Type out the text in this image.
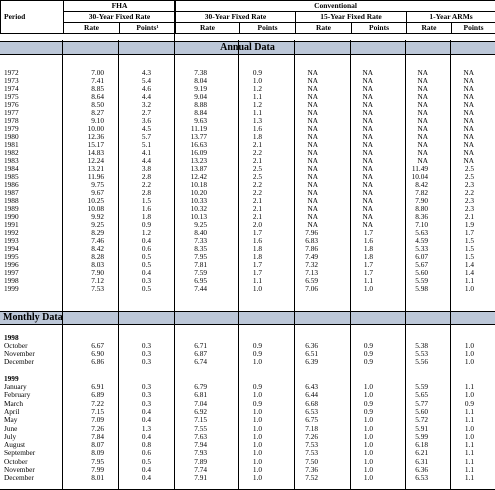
Period	FHA		Conventional					
	30-Year Fixed Rate		30-Year Fixed Rate		15-Year Fixed Rate		1-Year ARMs	
	Rate	Points¹	Rate	Points	Rate	Points	Rate	Points
Annual Data
Monthly Data
1972	7.00	4.3	7.38	0.9	NA	NA	NA	NA
1973	7.41	5.4	8.04	1.0	NA	NA	NA	NA
1974	8.85	4.6	9.19	1.2	NA	NA	NA	NA
1975	8.64	4.4	9.04	1.1	NA	NA	NA	NA
1976	8.50	3.2	8.88	1.2	NA	NA	NA	NA
1977	8.27	2.7	8.84	1.1	NA	NA	NA	NA
1978	9.10	3.6	9.63	1.3	NA	NA	NA	NA
1979	10.00	4.5	11.19	1.6	NA	NA	NA	NA
1980	12.36	5.7	13.77	1.8	NA	NA	NA	NA
1981	15.17	5.1	16.63	2.1	NA	NA	NA	NA
1982	14.83	4.1	16.09	2.2	NA	NA	NA	NA
1983	12.24	4.4	13.23	2.1	NA	NA	NA	NA
1984	13.21	3.8	13.87	2.5	NA	NA	11.49	2.5
1985	11.96	2.8	12.42	2.5	NA	NA	10.04	2.5
1986	9.75	2.2	10.18	2.2	NA	NA	8.42	2.3
1987	9.67	2.8	10.20	2.2	NA	NA	7.82	2.2
1988	10.25	1.5	10.33	2.1	NA	NA	7.90	2.3
1989	10.08	1.6	10.32	2.1	NA	NA	8.80	2.3
1990	9.92	1.8	10.13	2.1	NA	NA	8.36	2.1
1991	9.25	0.9	9.25	2.0	NA	NA	7.10	1.9
1992	8.29	1.2	8.40	1.7	7.96	1.7	5.63	1.7
1993	7.46	0.4	7.33	1.6	6.83	1.6	4.59	1.5
1994	8.42	0.6	8.35	1.8	7.86	1.8	5.33	1.5
1995	8.28	0.5	7.95	1.8	7.49	1.8	6.07	1.5
1996	8.03	0.5	7.81	1.7	7.32	1.7	5.67	1.4
1997	7.90	0.4	7.59	1.7	7.13	1.7	5.60	1.4
1998	7.12	0.3	6.95	1.1	6.59	1.1	5.59	1.1
1999	7.53	0.5	7.44	1.0	7.06	1.0	5.98	1.0
1998
October	6.67	0.3	6.71	0.9	6.36	0.9	5.38	1.0
November	6.90	0.3	6.87	0.9	6.51	0.9	5.53	1.0
December	6.86	0.3	6.74	1.0	6.39	0.9	5.56	1.0
1999
January	6.91	0.3	6.79	0.9	6.43	1.0	5.59	1.1
February	6.89	0.3	6.81	1.0	6.44	1.0	5.65	1.0
March	7.22	0.3	7.04	0.9	6.68	0.9	5.77	0.9
April	7.15	0.4	6.92	1.0	6.53	0.9	5.60	1.1
May	7.09	0.4	7.15	1.0	6.75	1.0	5.72	1.1
June	7.26	1.3	7.55	1.0	7.18	1.0	5.91	1.0
July	7.84	0.4	7.63	1.0	7.26	1.0	5.99	1.0
August	8.07	0.8	7.94	1.0	7.53	1.0	6.18	1.1
September	8.09	0.6	7.93	1.0	7.53	1.0	6.21	1.1
October	7.95	0.5	7.89	1.0	7.50	1.0	6.31	1.1
November	7.99	0.4	7.74	1.0	7.36	1.0	6.36	1.1
December	8.01	0.4	7.91	1.0	7.52	1.0	6.53	1.1
